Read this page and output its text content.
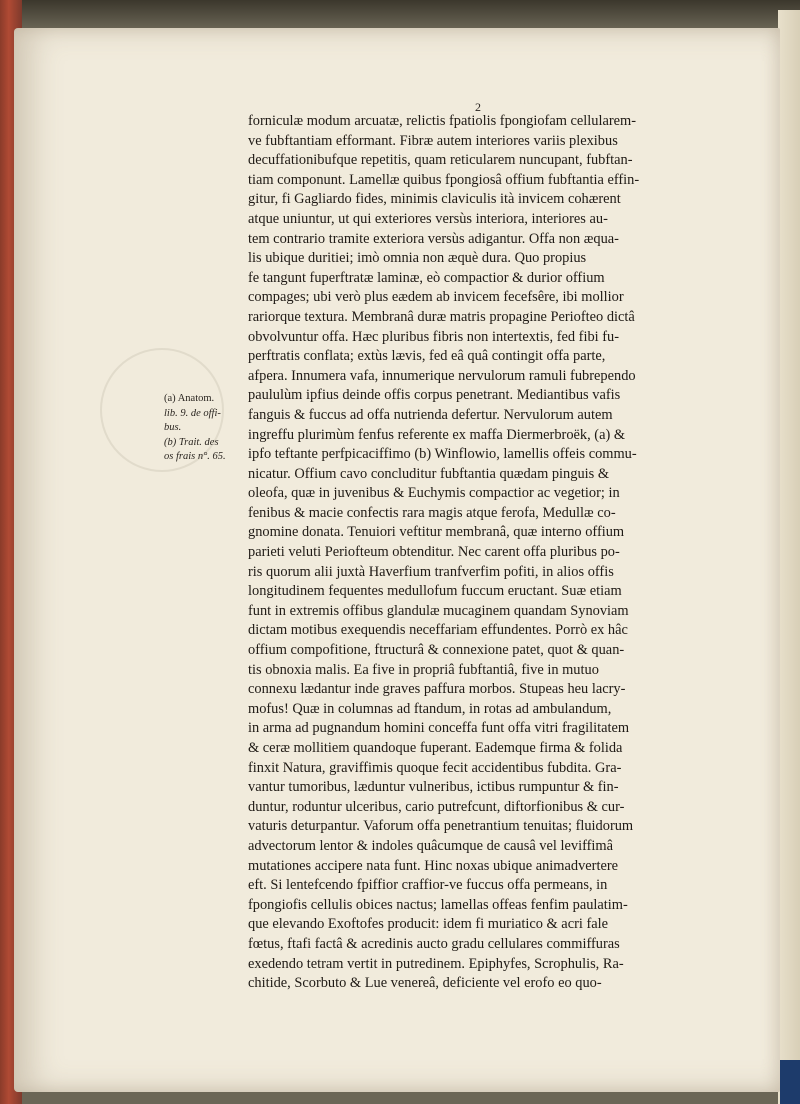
2
(a) Anatom.
lib. 9. de offi-
bus.
(b) Trait. des
os frais n°. 65.
forniculæ modum arcuatæ, relictis fpatiolis fpongiofam cellularem-
ve fubftantiam efformant. Fibræ autem interiores variis plexibus
decuffationibufque repetitis, quam reticularem nuncupant, fubftan-
tiam componunt. Lamellæ quibus fpongiosâ offium fubftantia effin-
gitur, fi Gagliardo fides, minimis claviculis ità invicem cohærent
atque uniuntur, ut qui exteriores versùs interiora, interiores au-
tem contrario tramite exteriora versùs adigantur. Offa non æqua-
lis ubique duritiei; imò omnia non æquè dura. Quo propius
fe tangunt fuperftratæ laminæ, eò compactior & durior offium
compages; ubi verò plus eædem ab invicem fecefsêre, ibi mollior
rariorque textura. Membranâ duræ matris propagine Periofteo dictâ
obvolvuntur offa. Hæc pluribus fibris non intertextis, fed fibi fu-
perftratis conflata; extùs lævis, fed eâ quâ contingit offa parte,
afpera. Innumera vafa, innumerique nervulorum ramuli fubrependo
paululùm ipfius deinde offis corpus penetrant. Mediantibus vafis
fanguis & fuccus ad offa nutrienda defertur. Nervulorum autem
ingreffu plurimùm fenfus referente ex maffa Diermerbroëk, (a) &
ipfo teftante perfpicaciffimo (b) Winflowio, lamellis offeis commu-
nicatur. Offium cavo concluditur fubftantia quædam pinguis &
oleofa, quæ in juvenibus & Euchymis compactior ac vegetior; in
fenibus & macie confectis rara magis atque ferofa, Medullæ co-
gnomine donata. Tenuiori veftitur membranâ, quæ interno offium
parieti veluti Periofteum obtenditur. Nec carent offa pluribus po-
ris quorum alii juxtà Haverfium tranfverfim pofiti, in alios offis
longitudinem fequentes medullofum fuccum eructant. Suæ etiam
funt in extremis offibus glandulæ mucaginem quandam Synoviam
dictam motibus exequendis neceffariam effundentes. Porrò ex hâc
offium compofitione, ftructurâ & connexione patet, quot & quan-
tis obnoxia malis. Ea five in propriâ fubftantiâ, five in mutuo
connexu lædantur inde graves paffura morbos. Stupeas heu lacry-
mofus! Quæ in columnas ad ftandum, in rotas ad ambulandum,
in arma ad pugnandum homini conceffa funt offa vitri fragilitatem
& ceræ mollitiem quandoque fuperant. Eademque firma & folida
finxit Natura, graviffimis quoque fecit accidentibus fubdita. Gra-
vantur tumoribus, læduntur vulneribus, ictibus rumpuntur & fin-
duntur, roduntur ulceribus, cario putrefcunt, diftorfionibus & cur-
vaturis deturpantur. Vaforum offa penetrantium tenuitas; fluidorum
advectorum lentor & indoles quâcumque de causâ vel leviffimâ
mutationes accipere nata funt. Hinc noxas ubique animadvertere
eft. Si lentefcendo fpiffior craffior-ve fuccus offa permeans, in
fpongiofis cellulis obices nactus; lamellas offeas fenfim paulatim-
que elevando Exoftofes producit: idem fi muriatico & acri fale
fœtus, ftafi factâ & acredinis aucto gradu cellulares commiffuras
exedendo tetram vertit in putredinem. Epiphyfes, Scrophulis, Ra-
chitide, Scorbuto & Lue venereâ, deficiente vel erofo eo quo-
